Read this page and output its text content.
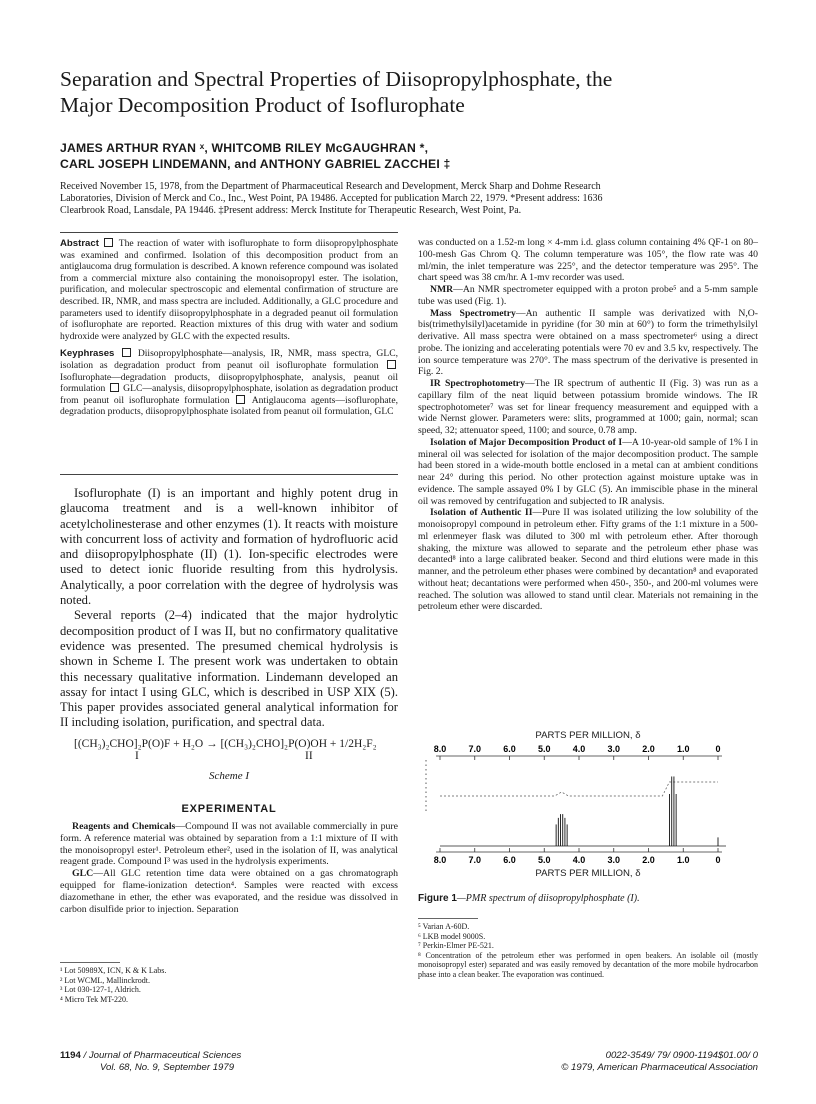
Separation and Spectral Properties of Diisopropylphosphate, the
Major Decomposition Product of Isoflurophate
JAMES ARTHUR RYAN ˣ, WHITCOMB RILEY McGAUGHRAN *,
CARL JOSEPH LINDEMANN, and ANTHONY GABRIEL ZACCHEI ‡

Received November 15, 1978, from the Department of Pharmaceutical Research and Development, Merck Sharp and Dohme Research

Laboratories, Division of Merck and Co., Inc., West Point, PA 19486. Accepted for publication March 22, 1979. *Present address: 1636

Clearbrook Road, Lansdale, PA 19446. ‡Present address: Merck Institute for Therapeutic Research, West Point, Pa.

Abstract The reaction of water with isoflurophate to form diisopropylphosphate was examined and confirmed. Isolation of this decomposition product from an antiglaucoma drug formulation is described. A known reference compound was isolated from a commercial mixture also containing the monoisopropyl ester. The isolation, purification, and molecular spectroscopic and elemental confirmation of structure are described. IR, NMR, and mass spectra are included. Additionally, a GLC procedure and parameters used to identify diisopropylphosphate in a degraded peanut oil formulation of isoflurophate are reported. Reaction mixtures of this drug with water and sodium hydroxide were analyzed by GLC with the expected results.

Keyphrases Diisopropylphosphate—analysis, IR, NMR, mass spectra, GLC, isolation as degradation product from peanut oil isoflurophate formulation  Isoflurophate—degradation products, diisopropylphosphate, analysis, peanut oil formulation GLC—analysis, diisopropylphosphate, isolation as degradation product from peanut oil isoflurophate formulation Antiglaucoma agents—isoflurophate, degradation products, diisopropylphosphate isolated from peanut oil formulation, GLC

Isoflurophate (I) is an important and highly potent drug in glaucoma treatment and is a well-known inhibitor of acetylcholinesterase and other enzymes (1). It reacts with moisture with concurrent loss of activity and formation of hydrofluoric acid and diisopropylphosphate (II) (1). Ion-specific electrodes were used to detect ionic fluoride resulting from this hydrolysis. Analytically, a poor correlation with the degree of hydrolysis was noted.

Several reports (2–4) indicated that the major hydrolytic decomposition product of I was II, but no confirmatory qualitative evidence was presented. The presumed chemical hydrolysis is shown in Scheme I. The present work was undertaken to obtain this necessary qualitative information. Lindemann developed an assay for intact I using GLC, which is described in USP XIX (5). This paper provides associated general analytical information for II including isolation, purification, and spectral data.

[(CH₃)₂CHO]₂P(O)F + H₂O → [(CH₃)₂CHO]₂P(O)OH + 1/2H₂F₂
I	II
Scheme I
EXPERIMENTAL

Reagents and Chemicals—Compound II was not available commercially in pure form. A reference material was obtained by separation from a 1:1 mixture of II with the monoisopropyl ester¹. Petroleum ether², used in the isolation of II, was analytical reagent grade. Compound I³ was used in the hydrolysis experiments.

GLC—All GLC retention time data were obtained on a gas chromatograph equipped for flame-ionization detection⁴. Samples were reacted with excess diazomethane in ether, the ether was evaporated, and the residue was dissolved in carbon disulfide prior to injection. Separation

¹ Lot 50989X, ICN, K & K Labs.

² Lot WCML, Mallinckrodt.

³ Lot 030-127-1, Aldrich.

⁴ Micro Tek MT-220.

was conducted on a 1.52-m long × 4-mm i.d. glass column containing 4% QF-1 on 80–100-mesh Gas Chrom Q. The column temperature was 105°, the flow rate was 40 ml/min, the inlet temperature was 225°, and the detector temperature was 295°. The chart speed was 38 cm/hr. A 1-mv recorder was used.

NMR—An NMR spectrometer equipped with a proton probe⁵ and a 5-mm sample tube was used (Fig. 1).

Mass Spectrometry—An authentic II sample was derivatized with N,O-bis(trimethylsilyl)acetamide in pyridine (for 30 min at 60°) to form the trimethylsilyl derivative. All mass spectra were obtained on a mass spectrometer⁶ using a direct probe. The ionizing and accelerating potentials were 70 ev and 3.5 kv, respectively. The ion source temperature was 270°. The mass spectrum of the derivative is presented in Fig. 2.

IR Spectrophotometry—The IR spectrum of authentic II (Fig. 3) was run as a capillary film of the neat liquid between potassium bromide windows. The IR spectrophotometer⁷ was set for linear frequency measurement and equipped with a wide Nernst glower. Parameters were: slits, programmed at 1000; gain, normal; scan speed, 32; attenuator speed, 1100; and source, 0.78 amp.

Isolation of Major Decomposition Product of I—A 10-year-old sample of 1% I in mineral oil was selected for isolation of the major decomposition product. The sample had been stored in a wide-mouth bottle enclosed in a metal can at ambient conditions near 24° during this period. No other protection against moisture uptake was in evidence. The sample assayed 0% I by GLC (5). An immiscible phase in the mineral oil was removed by centrifugation and subjected to IR analysis.

Isolation of Authentic II—Pure II was isolated utilizing the low solubility of the monoisopropyl compound in petroleum ether. Fifty grams of the 1:1 mixture in a 500-ml erlenmeyer flask was diluted to 300 ml with petroleum ether. After thorough shaking, the mixture was allowed to separate and the petroleum ether phase was decanted⁸ into a large calibrated beaker. Second and third elutions were made in this manner, and the petroleum ether phases were combined by decantation⁸ and evaporated without heat; decantations were performed when 450-, 350-, and 200-ml volumes were reached. The solution was allowed to stand until clear. Materials not remaining in the petroleum ether were discarded.

PARTS PER MILLION, δ
8.0 7.0 6.0 5.0 4.0 3.0 2.0 1.0	0
8.0 7.0 6.0 5.0 4.0 3.0 2.0 1.0	0
PARTS PER MILLION, δ
Figure 1—PMR spectrum of diisopropylphosphate (I).

⁵ Varian A-60D.

⁶ LKB model 9000S.

⁷ Perkin-Elmer PE-521.

⁸ Concentration of the petroleum ether was performed in open beakers. An isolable oil (mostly monoisopropyl ester) separated and was easily removed by decantation of the more mobile hydrocarbon phase into a clean beaker. The evaporation was continued.

1194 / Journal of Pharmaceutical Sciences
Vol. 68, No. 9, September 1979
0022-3549/ 79/ 0900-1194$01.00/ 0
© 1979, American Pharmaceutical Association
